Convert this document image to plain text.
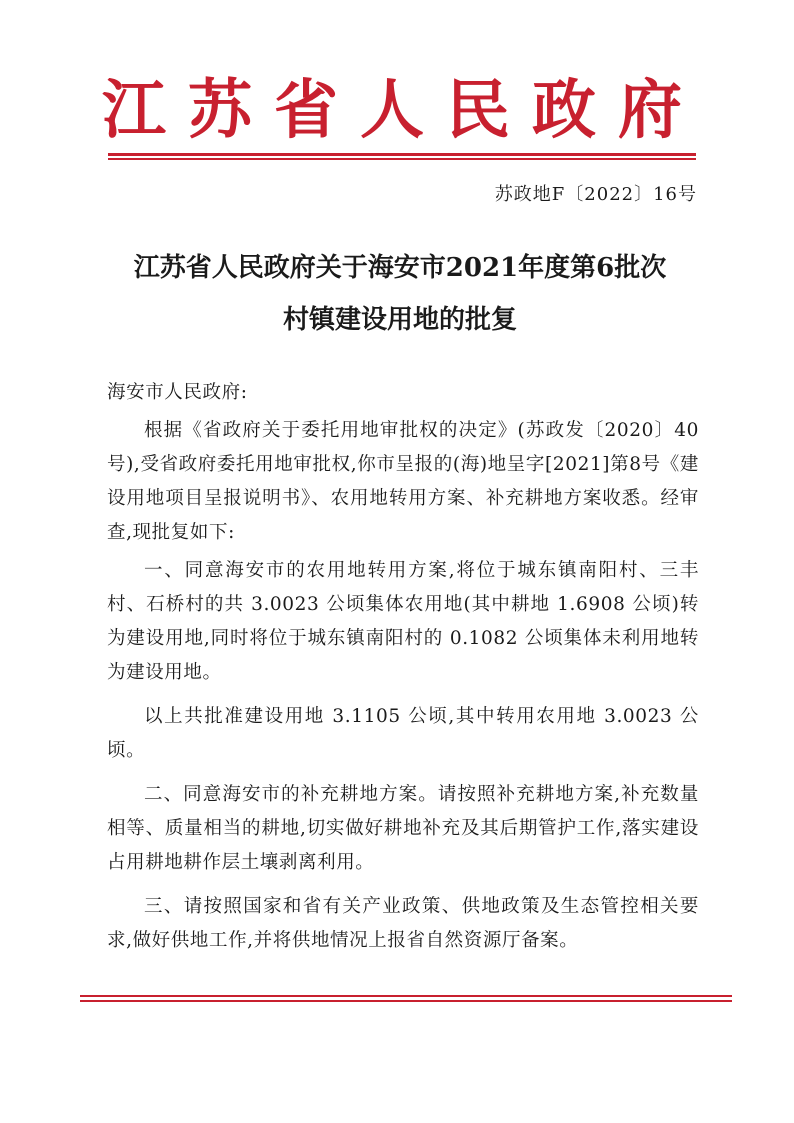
江苏省人民政府
苏政地F〔2022〕16号
江苏省人民政府关于海安市2021年度第6批次
村镇建设用地的批复

海安市人民政府:

根据《省政府关于委托用地审批权的决定》(苏政发〔2020〕40号),受省政府委托用地审批权,你市呈报的(海)地呈字[2021]第8号《建设用地项目呈报说明书》、农用地转用方案、补充耕地方案收悉。经审查,现批复如下:

一、同意海安市的农用地转用方案,将位于城东镇南阳村、三丰村、石桥村的共 3.0023 公顷集体农用地(其中耕地 1.6908 公顷)转为建设用地,同时将位于城东镇南阳村的 0.1082 公顷集体未利用地转为建设用地。

以上共批准建设用地 3.1105 公顷,其中转用农用地 3.0023 公顷。

二、同意海安市的补充耕地方案。请按照补充耕地方案,补充数量相等、质量相当的耕地,切实做好耕地补充及其后期管护工作,落实建设占用耕地耕作层土壤剥离利用。

三、请按照国家和省有关产业政策、供地政策及生态管控相关要求,做好供地工作,并将供地情况上报省自然资源厅备案。
